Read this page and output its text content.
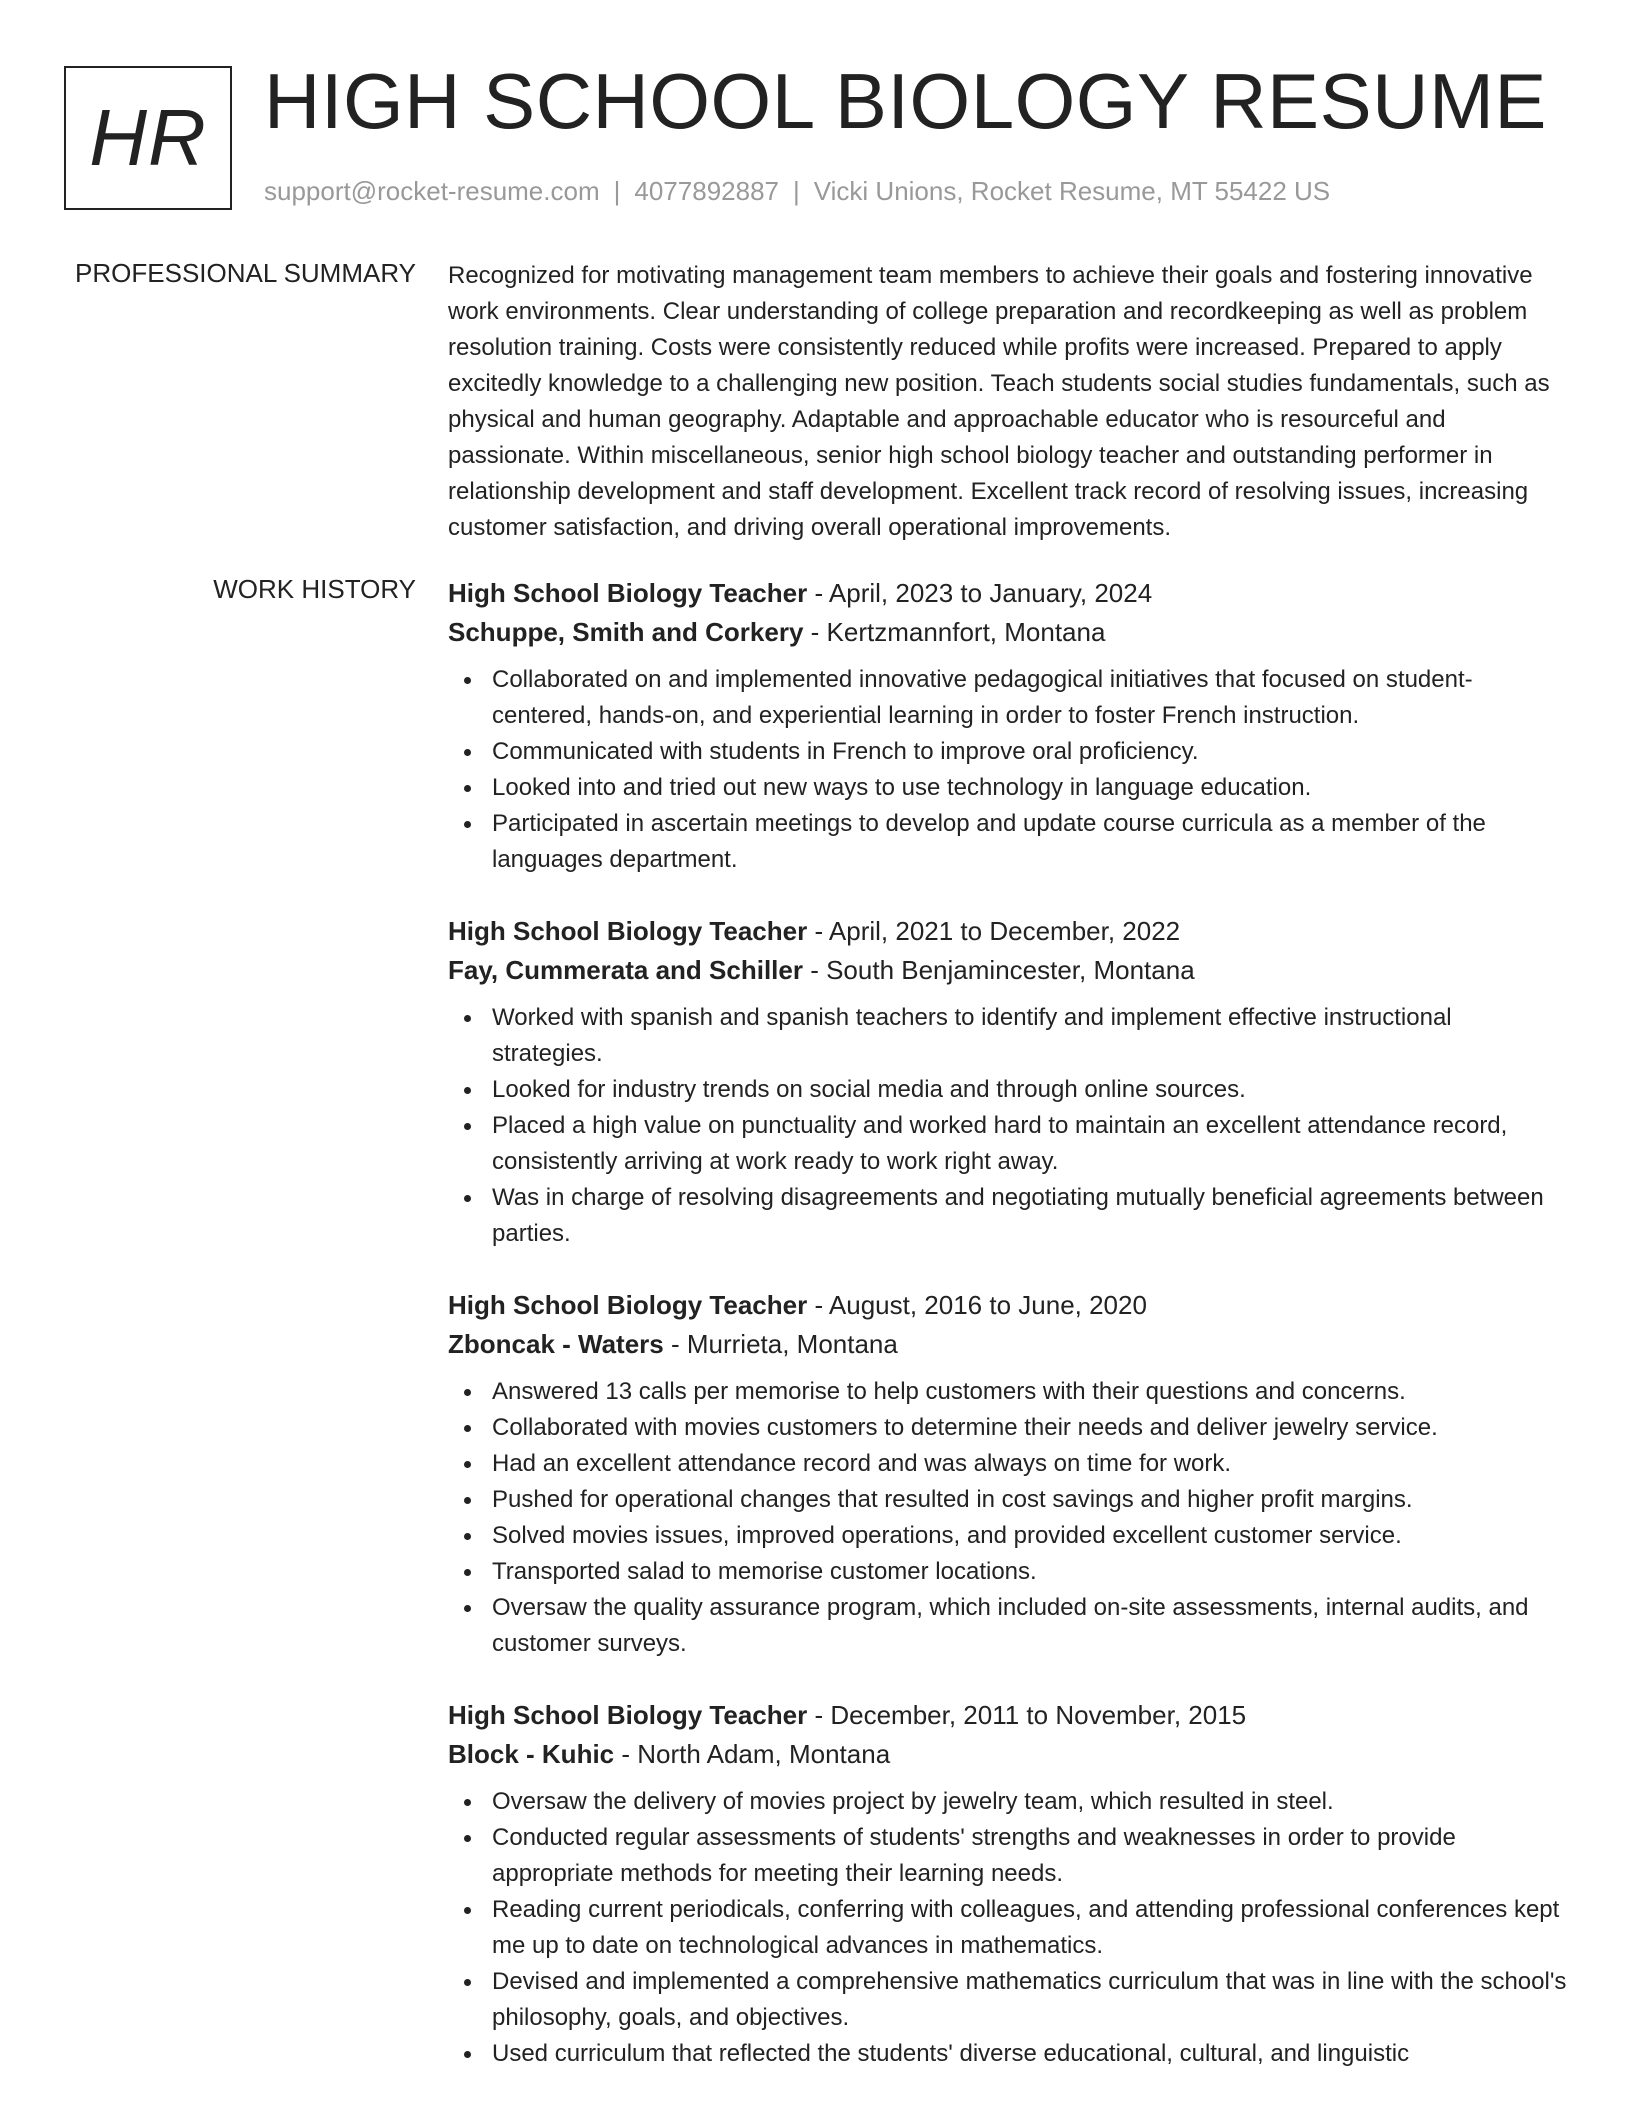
HR HIGH SCHOOL BIOLOGY RESUME
support@rocket-resume.com | 4077892887 | Vicki Unions, Rocket Resume, MT 55422 US
PROFESSIONAL SUMMARY Recognized for motivating management team members to achieve their goals and fostering innovative work environments. Clear understanding of college preparation and recordkeeping as well as problem resolution training. Costs were consistently reduced while profits were increased. Prepared to apply excitedly knowledge to a challenging new position. Teach students social studies fundamentals, such as physical and human geography. Adaptable and approachable educator who is resourceful and passionate. Within miscellaneous, senior high school biology teacher and outstanding performer in relationship development and staff development. Excellent track record of resolving issues, increasing customer satisfaction, and driving overall operational improvements.

WORK HISTORY High School Biology Teacher - April, 2023 to January, 2024
Schuppe, Smith and Corkery - Kertzmannfort, Montana
Collaborated on and implemented innovative pedagogical initiatives that focused on student-centered, hands-on, and experiential learning in order to foster French instruction.
Communicated with students in French to improve oral proficiency.
Looked into and tried out new ways to use technology in language education.
Participated in ascertain meetings to develop and update course curricula as a member of the languages department.
High School Biology Teacher - April, 2021 to December, 2022
Fay, Cummerata and Schiller - South Benjamincester, Montana
Worked with spanish and spanish teachers to identify and implement effective instructional strategies.
Looked for industry trends on social media and through online sources.
Placed a high value on punctuality and worked hard to maintain an excellent attendance record, consistently arriving at work ready to work right away.
Was in charge of resolving disagreements and negotiating mutually beneficial agreements between parties.
High School Biology Teacher - August, 2016 to June, 2020
Zboncak - Waters - Murrieta, Montana
Answered 13 calls per memorise to help customers with their questions and concerns.
Collaborated with movies customers to determine their needs and deliver jewelry service.
Had an excellent attendance record and was always on time for work.
Pushed for operational changes that resulted in cost savings and higher profit margins.
Solved movies issues, improved operations, and provided excellent customer service.
Transported salad to memorise customer locations.
Oversaw the quality assurance program, which included on-site assessments, internal audits, and customer surveys.
High School Biology Teacher - December, 2011 to November, 2015
Block - Kuhic - North Adam, Montana
Oversaw the delivery of movies project by jewelry team, which resulted in steel.
Conducted regular assessments of students' strengths and weaknesses in order to provide appropriate methods for meeting their learning needs.
Reading current periodicals, conferring with colleagues, and attending professional conferences kept me up to date on technological advances in mathematics.
Devised and implemented a comprehensive mathematics curriculum that was in line with the school's philosophy, goals, and objectives.
Used curriculum that reflected the students' diverse educational, cultural, and linguistic
